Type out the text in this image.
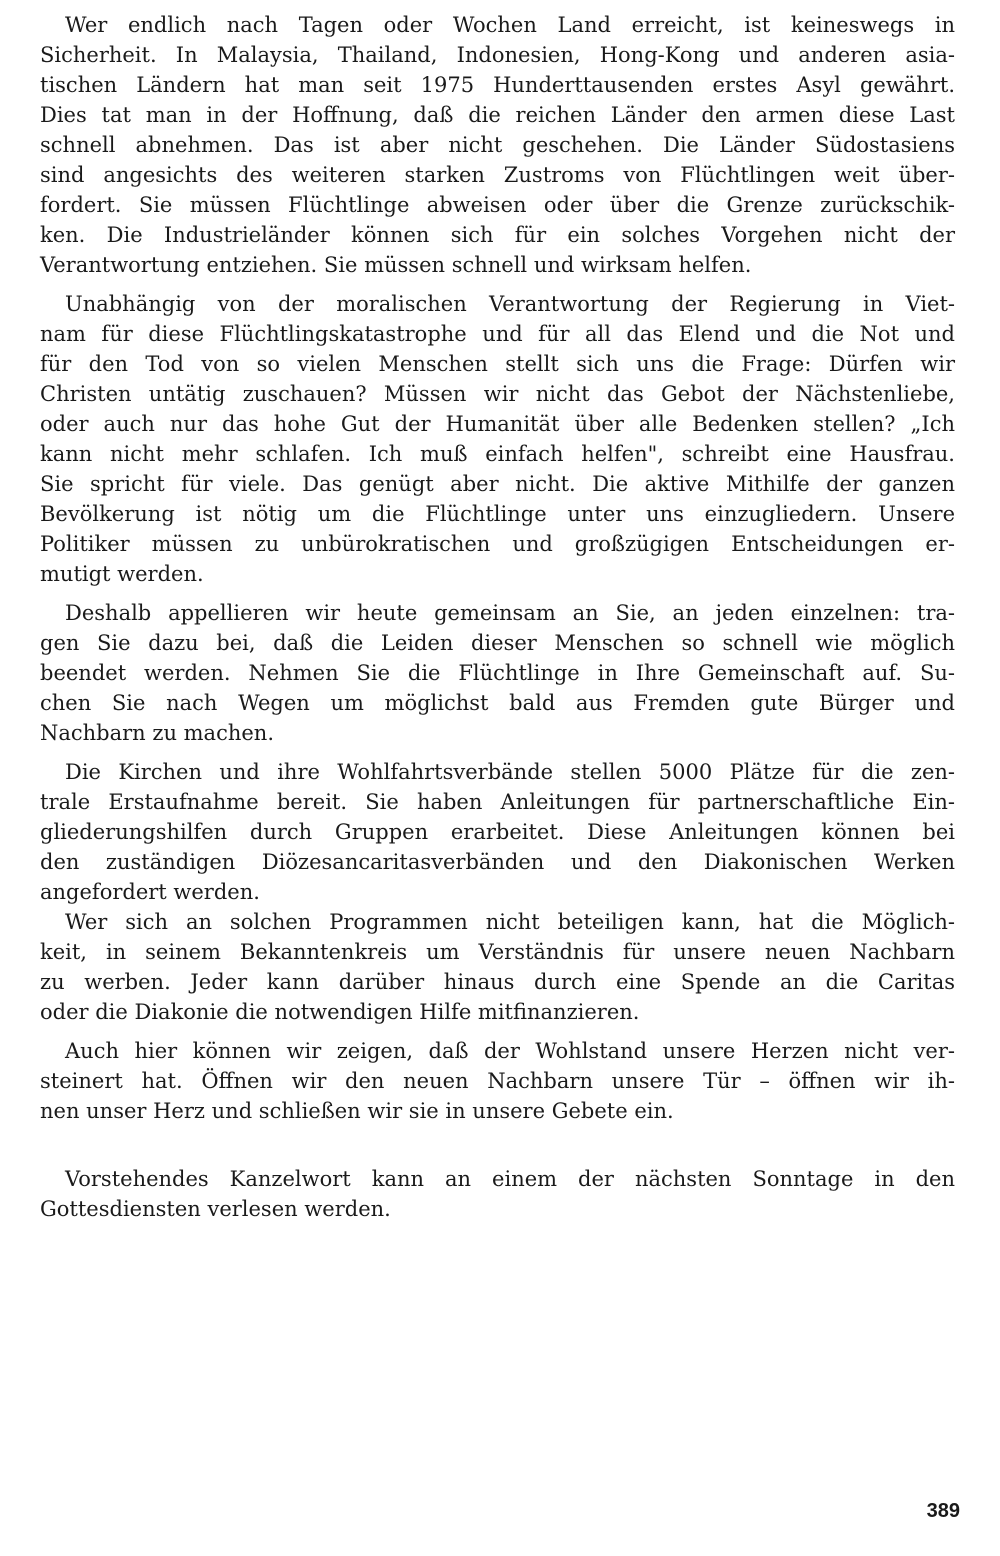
Wer endlich nach Tagen oder Wochen Land erreicht, ist keineswegs in
Sicherheit. In Malaysia, Thailand, Indonesien, Hong-Kong und anderen asia-
tischen Ländern hat man seit 1975 Hunderttausenden erstes Asyl gewährt.
Dies tat man in der Hoffnung, daß die reichen Länder den armen diese Last
schnell abnehmen. Das ist aber nicht geschehen. Die Länder Südostasiens
sind angesichts des weiteren starken Zustroms von Flüchtlingen weit über-
fordert. Sie müssen Flüchtlinge abweisen oder über die Grenze zurückschik-
ken. Die Industrieländer können sich für ein solches Vorgehen nicht der
Verantwortung entziehen. Sie müssen schnell und wirksam helfen.

Unabhängig von der moralischen Verantwortung der Regierung in Viet-
nam für diese Flüchtlingskatastrophe und für all das Elend und die Not und
für den Tod von so vielen Menschen stellt sich uns die Frage: Dürfen wir
Christen untätig zuschauen? Müssen wir nicht das Gebot der Nächstenliebe,
oder auch nur das hohe Gut der Humanität über alle Bedenken stellen? „Ich
kann nicht mehr schlafen. Ich muß einfach helfen", schreibt eine Hausfrau.
Sie spricht für viele. Das genügt aber nicht. Die aktive Mithilfe der ganzen
Bevölkerung ist nötig um die Flüchtlinge unter uns einzugliedern. Unsere
Politiker müssen zu unbürokratischen und großzügigen Entscheidungen er-
mutigt werden.

Deshalb appellieren wir heute gemeinsam an Sie, an jeden einzelnen: tra-
gen Sie dazu bei, daß die Leiden dieser Menschen so schnell wie möglich
beendet werden. Nehmen Sie die Flüchtlinge in Ihre Gemeinschaft auf. Su-
chen Sie nach Wegen um möglichst bald aus Fremden gute Bürger und
Nachbarn zu machen.

Die Kirchen und ihre Wohlfahrtsverbände stellen 5000 Plätze für die zen-
trale Erstaufnahme bereit. Sie haben Anleitungen für partnerschaftliche Ein-
gliederungshilfen durch Gruppen erarbeitet. Diese Anleitungen können bei
den zuständigen Diözesancaritasverbänden und den Diakonischen Werken
angefordert werden.

Wer sich an solchen Programmen nicht beteiligen kann, hat die Möglich-
keit, in seinem Bekanntenkreis um Verständnis für unsere neuen Nachbarn
zu werben. Jeder kann darüber hinaus durch eine Spende an die Caritas
oder die Diakonie die notwendigen Hilfe mitfinanzieren.

Auch hier können wir zeigen, daß der Wohlstand unsere Herzen nicht ver-
steinert hat. Öffnen wir den neuen Nachbarn unsere Tür – öffnen wir ih-
nen unser Herz und schließen wir sie in unsere Gebete ein.

Vorstehendes Kanzelwort kann an einem der nächsten Sonntage in den
Gottesdiensten verlesen werden.

389
